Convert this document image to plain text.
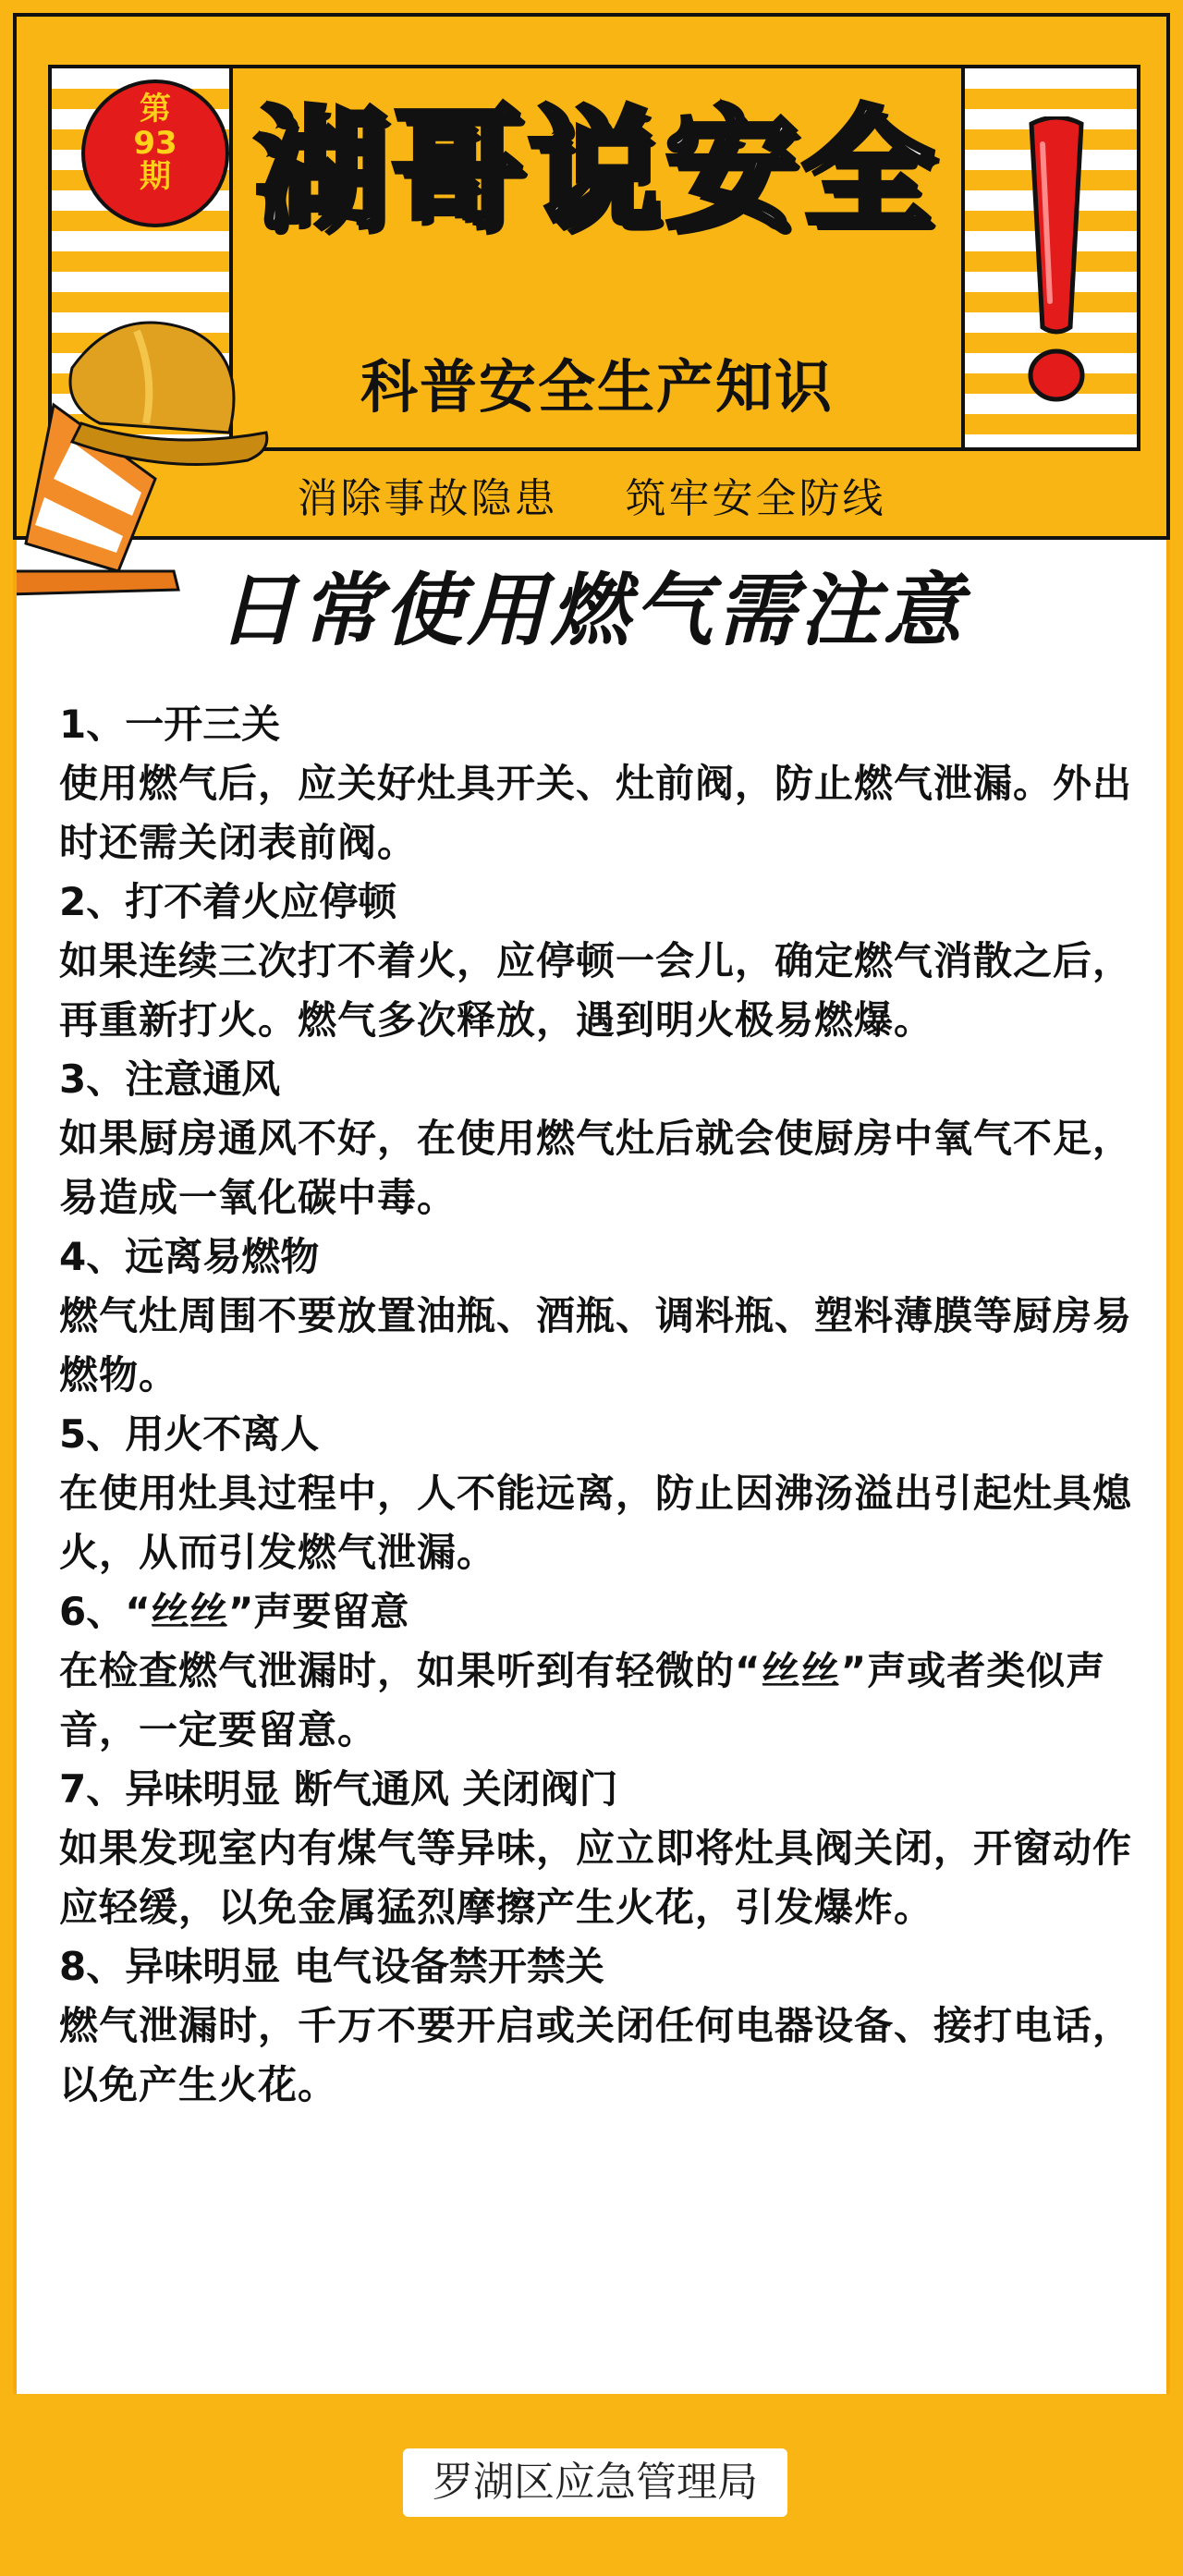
湖哥说安全
科普安全生产知识
第
93
期
消除事故隐患 筑牢安全防线
日常使用燃气需注意

1、一开三关

使用燃气后，应关好灶具开关、灶前阀，防止燃气泄漏。外出时还需关闭表前阀。

2、打不着火应停顿

如果连续三次打不着火，应停顿一会儿，确定燃气消散之后，再重新打火。燃气多次释放，遇到明火极易燃爆。

3、注意通风

如果厨房通风不好，在使用燃气灶后就会使厨房中氧气不足，易造成一氧化碳中毒。

4、远离易燃物

燃气灶周围不要放置油瓶、酒瓶、调料瓶、塑料薄膜等厨房易燃物。

5、用火不离人

在使用灶具过程中，人不能远离，防止因沸汤溢出引起灶具熄火，从而引发燃气泄漏。

6、“丝丝”声要留意

在检查燃气泄漏时，如果听到有轻微的“丝丝”声或者类似声音，一定要留意。

7、异味明显 断气通风 关闭阀门

如果发现室内有煤气等异味，应立即将灶具阀关闭，开窗动作应轻缓，以免金属猛烈摩擦产生火花，引发爆炸。

8、异味明显 电气设备禁开禁关

燃气泄漏时，千万不要开启或关闭任何电器设备、接打电话，以免产生火花。

罗湖区应急管理局
